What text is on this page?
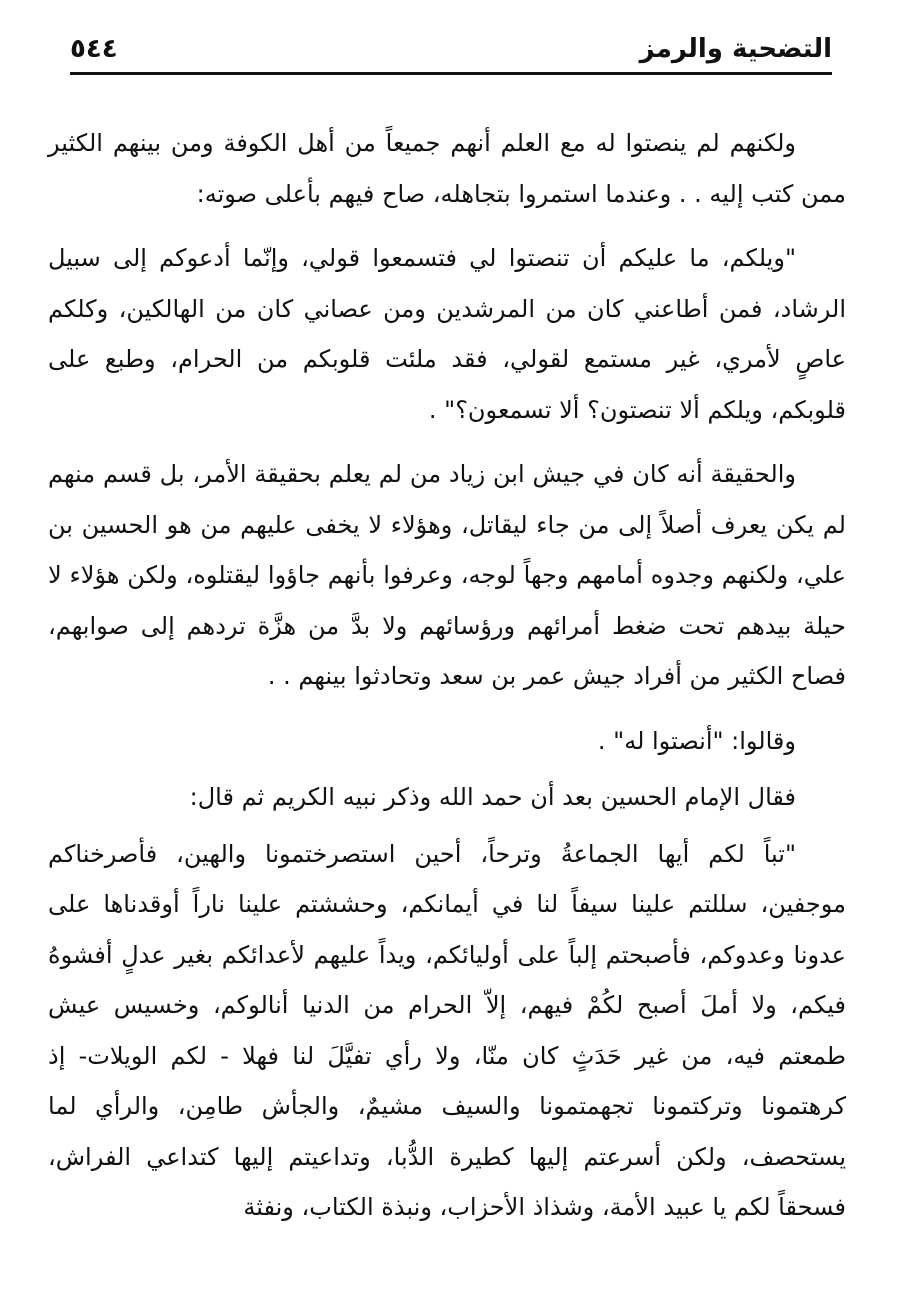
التضحية والرمز
٥٤٤

ولكنهم لم ينصتوا له مع العلم أنهم جميعاً من أهل الكوفة ومن بينهم الكثير ممن كتب إليه . . وعندما استمروا بتجاهله، صاح فيهم بأعلى صوته:

"ويلكم، ما عليكم أن تنصتوا لي فتسمعوا قولي، وإنّما أدعوكم إلى سبيل الرشاد، فمن أطاعني كان من المرشدين ومن عصاني كان من الهالكين، وكلكم عاصٍ لأمري، غير مستمع لقولي، فقد ملئت قلوبكم من الحرام، وطبع على قلوبكم، ويلكم ألا تنصتون؟ ألا تسمعون؟" .

والحقيقة أنه كان في جيش ابن زياد من لم يعلم بحقيقة الأمر، بل قسم منهم لم يكن يعرف أصلاً إلى من جاء ليقاتل، وهؤلاء لا يخفى عليهم من هو الحسين بن علي، ولكنهم وجدوه أمامهم وجهاً لوجه، وعرفوا بأنهم جاؤوا ليقتلوه، ولكن هؤلاء لا حيلة بيدهم تحت ضغط أمرائهم ورؤسائهم ولا بدَّ من هزَّة تردهم إلى صوابهم، فصاح الكثير من أفراد جيش عمر بن سعد وتحادثوا بينهم . .

وقالوا: "أنصتوا له" .

فقال الإمام الحسين بعد أن حمد الله وذكر نبيه الكريم ثم قال:

"تباً لكم أيها الجماعةُ وترحاً، أحين استصرختمونا والهين، فأصرخناكم موجفين، سللتم علينا سيفاً لنا في أيمانكم، وحششتم علينا ناراً أوقدناها على عدونا وعدوكم، فأصبحتم إلباً على أوليائكم، ويداً عليهم لأعدائكم بغير عدلٍ أفشوهُ فيكم، ولا أملَ أصبح لكُمْ فيهم، إلاّ الحرام من الدنيا أنالوكم، وخسيس عيش طمعتم فيه، من غير حَدَثٍ كان منّا، ولا رأي تفيَّلَ لنا فهلا - لكم الويلات- إذ كرهتمونا وتركتمونا تجهمتمونا والسيف مشيمٌ، والجأش طامِن، والرأي لما يستحصف، ولكن أسرعتم إليها كطيرة الدُّبا، وتداعيتم إليها كتداعي الفراش، فسحقاً لكم يا عبيد الأمة، وشذاذ الأحزاب، ونبذة الكتاب، ونفثة
